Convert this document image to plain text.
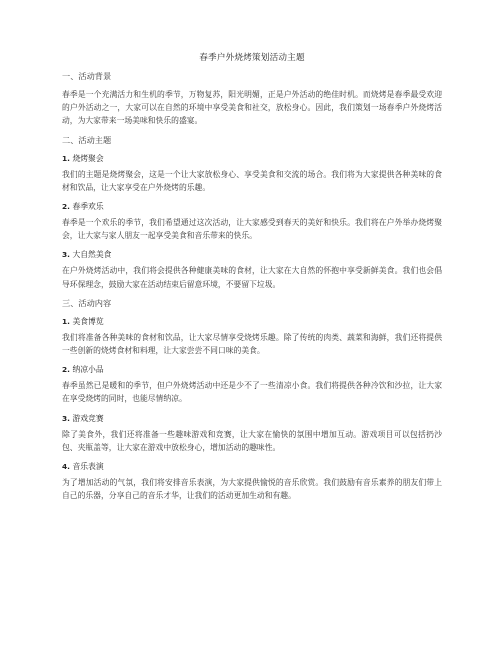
春季户外烧烤策划活动主题
一、活动背景

春季是一个充满活力和生机的季节，万物复苏，阳光明媚，正是户外活动的绝佳时机。而烧烤是春季最受欢迎的户外活动之一，大家可以在自然的环境中享受美食和社交，放松身心。因此，我们策划一场春季户外烧烤活动，为大家带来一场美味和快乐的盛宴。

二、活动主题
1. 烧烤聚会

我们的主题是烧烤聚会，这是一个让大家放松身心、享受美食和交流的场合。我们将为大家提供各种美味的食材和饮品，让大家享受在户外烧烤的乐趣。

2. 春季欢乐

春季是一个欢乐的季节，我们希望通过这次活动，让大家感受到春天的美好和快乐。我们将在户外举办烧烤聚会，让大家与家人朋友一起享受美食和音乐带来的快乐。

3. 大自然美食

在户外烧烤活动中，我们将会提供各种健康美味的食材，让大家在大自然的怀抱中享受新鲜美食。我们也会倡导环保理念，鼓励大家在活动结束后留意环境，不要留下垃圾。

三、活动内容
1. 美食博览

我们将准备各种美味的食材和饮品，让大家尽情享受烧烤乐趣。除了传统的肉类、蔬菜和海鲜，我们还将提供一些创新的烧烤食材和料理，让大家尝尝不同口味的美食。

2. 纳凉小品

春季虽然已是暖和的季节，但户外烧烤活动中还是少不了一些清凉小食。我们将提供各种冷饮和沙拉，让大家在享受烧烤的同时，也能尽情纳凉。

3. 游戏竞赛

除了美食外，我们还将准备一些趣味游戏和竞赛，让大家在愉快的氛围中增加互动。游戏项目可以包括扔沙包、夹瓶盖等，让大家在游戏中放松身心，增加活动的趣味性。

4. 音乐表演

为了增加活动的气氛，我们将安排音乐表演，为大家提供愉悦的音乐欣赏。我们鼓励有音乐素养的朋友们带上自己的乐器，分享自己的音乐才华，让我们的活动更加生动和有趣。
